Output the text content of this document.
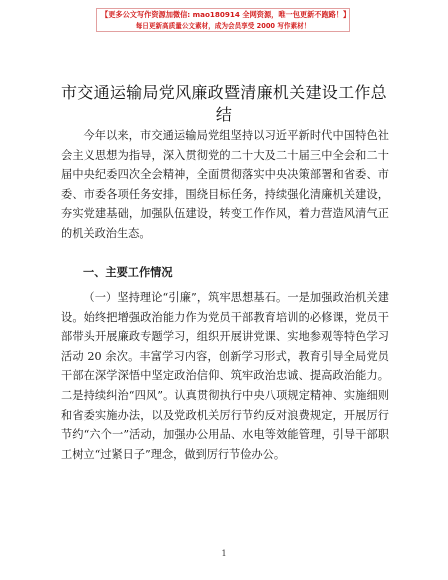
【更多公文写作资源加微信: mao180914 全网资源，唯一包更新不跑路！】
每日更新高质量公文素材，成为会员享受 2000 写作素材！
市交通运输局党风廉政暨清廉机关建设工作总结

今年以来，市交通运输局党组坚持以习近平新时代中国特色社会主义思想为指导，深入贯彻党的二十大及二十届三中全会和二十届中央纪委四次全会精神，全面贯彻落实中央决策部署和省委、市委、市委各项任务安排，围绕目标任务，持续强化清廉机关建设，夯实党建基础，加强队伍建设，转变工作作风，着力营造风清气正的机关政治生态。

一、主要工作情况

（一）坚持理论“引廉”，筑牢思想基石。一是加强政治机关建设。始终把增强政治能力作为党员干部教育培训的必修课，党员干部带头开展廉政专题学习，组织开展讲党课、实地参观等特色学习活动 20 余次。丰富学习内容，创新学习形式，教育引导全局党员干部在深学深悟中坚定政治信仰、筑牢政治忠诚、提高政治能力。二是持续纠治“四风”。认真贯彻执行中央八项规定精神、实施细则和省委实施办法，以及党政机关厉行节约反对浪费规定，开展厉行节约“六个一”活动，加强办公用品、水电等效能管理，引导干部职工树立“过紧日子”理念，做到厉行节俭办公。

1
